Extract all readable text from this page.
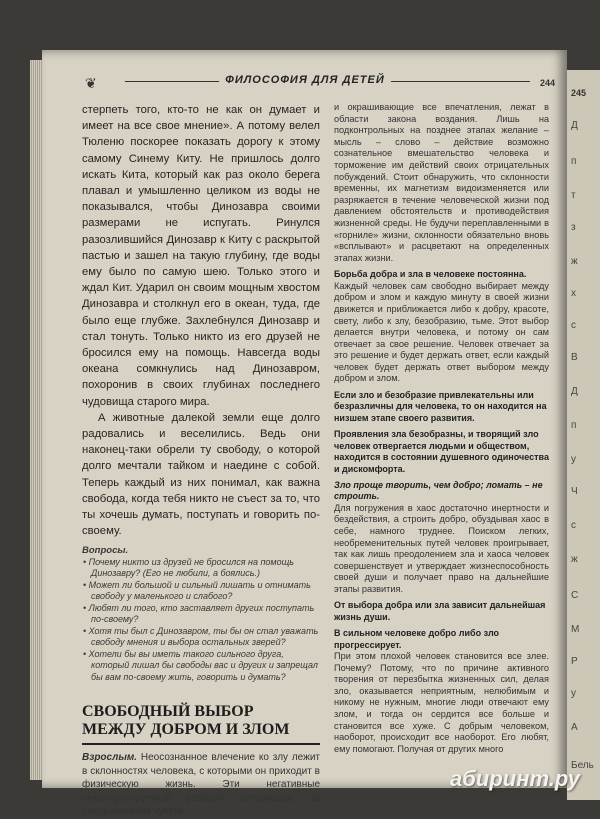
245
Д
п
т
з
ж
х
с
В
Д
п
у
Ч
с
ж
С
М
Р
у
А
Бель
❦	ФИЛОСОФИЯ ДЛЯ ДЕТЕЙ	244

стерпеть того, кто-то не как он думает и имеет на все свое мнение». А потому велел Тюленю поскорее показать дорогу к этому самому Синему Киту. Не пришлось долго искать Кита, который как раз около берега плавал и умышленно целиком из воды не показывался, чтобы Динозавра своими размерами не испугать. Ринулся разозлившийся Динозавр к Киту с раскрытой пастью и зашел на такую глубину, где воды ему было по самую шею. Только этого и ждал Кит. Ударил он своим мощным хвостом Динозавра и столкнул его в океан, туда, где было еще глубже. Захлебнулся Динозавр и стал тонуть. Только никто из его друзей не бросился ему на помощь. Навсегда воды океана сомкнулись над Динозавром, похоронив в своих глубинах последнего чудовища старого мира.

А животные далекой земли еще долго радовались и веселились. Ведь они наконец-таки обрели ту свободу, о которой долго мечтали тайком и наедине с собой. Теперь каждый из них понимал, как важна свобода, когда тебя никто не съест за то, что ты хочешь думать, поступать и говорить по-своему.

Вопросы.
• Почему никто из друзей не бросился на помощь Динозавру? (Его не любили, а боялись.)
• Может ли большой и сильный лишать и отнимать свободу у маленького и слабого?
• Любят ли того, кто заставляет других поступать по-своему?
• Хотя ты был с Динозавром, ты бы он стал уважать свободу мнения и выбора остальных зверей?
• Хотели бы вы иметь такого сильного друга, который лишал бы свободы вас и других и запрещал бы вам по-своему жить, говорить и думать?
СВОБОДНЫЙ ВЫБОР
МЕЖДУ ДОБРОМ И ЗЛОМ
Взрослым. Неосознанное влечение ко злу лежит в склонностях человека, с которыми он приходит в физическую жизнь. Эти негативные неконтролируемые реакции, следующие за раздражением чувств

и окрашивающие все впечатления, лежат в области закона воздания. Лишь на подконтрольных на позднее этапах желание – мысль – слово – действие возможно сознательное вмешательство человека и торможение им действий своих отрицательных побуждений. Стоит обнаружить, что склонности временны, их магнетизм видоизменяется или разряжается в течение человеческой жизни под давлением обстоятельств и противодействия жизненной среды. Не будучи переплавленными в «горниле» жизни, склонности обязательно вновь «всплывают» и расцветают на определенных этапах жизни.

Борьба добра и зла в человеке постоянна.

Каждый человек сам свободно выбирает между добром и злом и каждую минуту в своей жизни движется и приближается либо к добру, красоте, свету, либо к злу, безобразию, тьме. Этот выбор делается внутри человека, и потому он сам отвечает за свое решение. Человек отвечает за это решение и будет держать ответ, если каждый человек будет держать ответ выбором между добром и злом.

Если зло и безобразие привлекательны или безразличны для человека, то он находится на низшем этапе своего развития.

Проявления зла безобразны, и творящий зло человек отвергается людьми и обществом, находится в состоянии душевного одиночества и дискомфорта.

Зло проще творить, чем добро; ломать – не строить.

Для погружения в хаос достаточно инертности и бездействия, а строить добро, обуздывая хаос в себе, намного труднее. Поиском легких, необременительных путей человек проигрывает, так как лишь преодолением зла и хаоса человек совершенствует и утверждает жизнеспособность своей души и получает право на дальнейшие этапы развития.

От выбора добра или зла зависит дальнейшая жизнь души.

В сильном человеке добро либо зло прогрессирует.

При этом плохой человек становится все злее. Почему? Потому, что по причине активного творения от перезбытка жизненных сил, делая зло, оказывается неприятным, нелюбимым и никому не нужным, многие люди отвечают ему злом, и тогда он сердится все больше и становится все хуже. С добрым человеком, наоборот, происходит все наоборот. Его любят, ему помогают. Получая от других много

абиринт.ру
